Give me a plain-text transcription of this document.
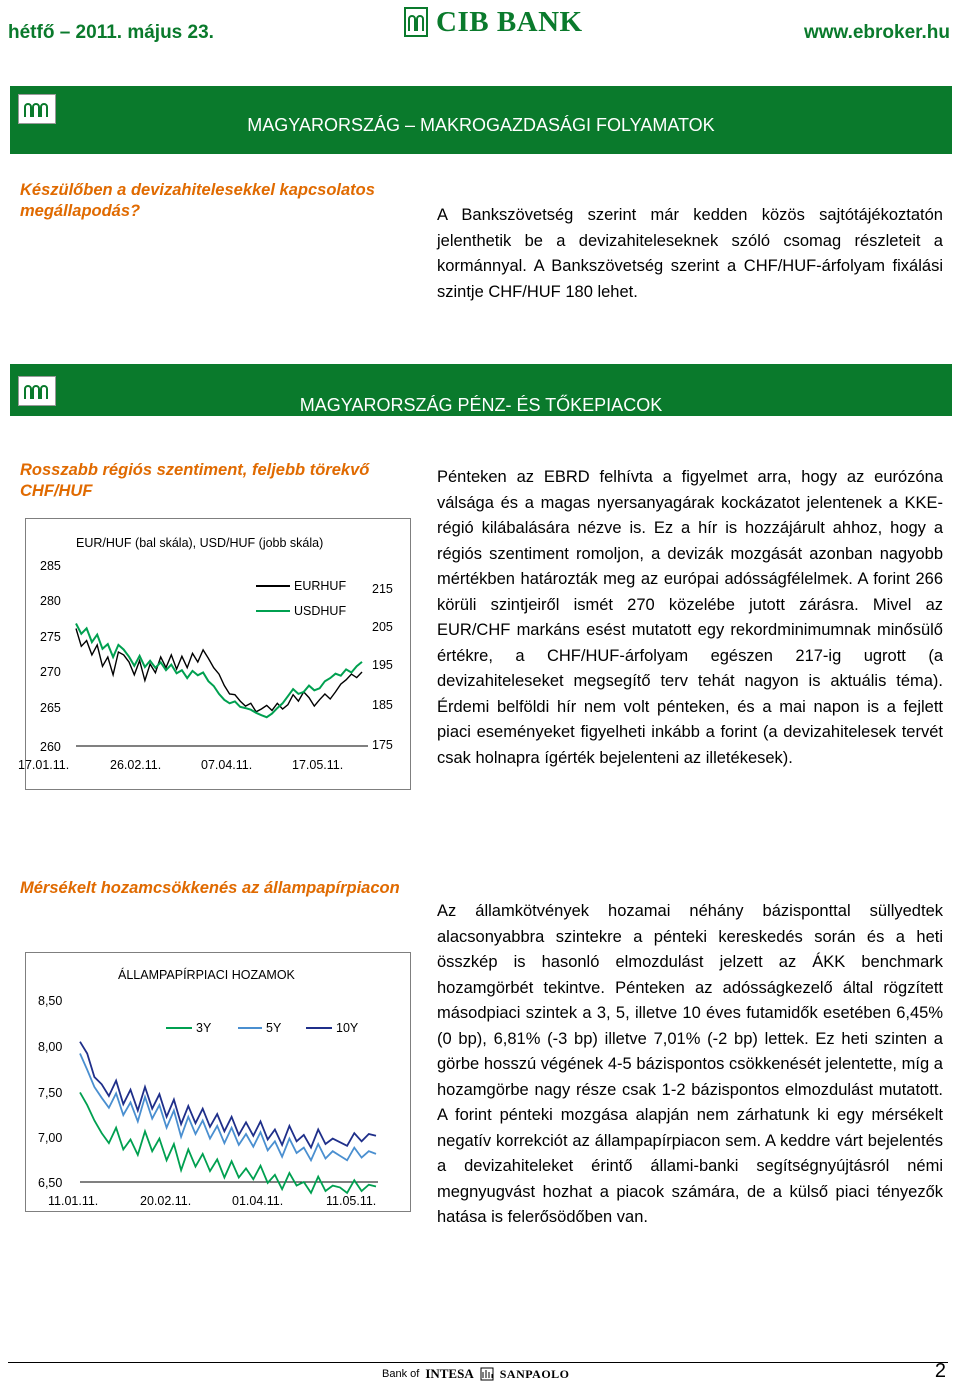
hétfő – 2011. május 23.	CIB BANK	www.ebroker.hu
MAGYARORSZÁG – MAKROGAZDASÁGI FOLYAMATOK
Készülőben a devizahitelesekkel kapcsolatos megállapodás?	A Bankszövetség szerint már kedden közös sajtótájékoztatón jelenthetik be a devizahiteleseknek szóló csomag részleteit a kormánnyal. A Bankszövetség szerint a CHF/HUF-árfolyam fixálási szintje CHF/HUF 180 lehet.
MAGYARORSZÁG PÉNZ- ÉS TŐKEPIACOK
Rosszabb régiós szentiment, feljebb törekvő CHF/HUF
Pénteken az EBRD felhívta a figyelmet arra, hogy az eurózóna válsága és a magas nyersanyagárak kockázatot jelentenek a KKE-régió kilábalására nézve is. Ez a hír is hozzájárult ahhoz, hogy a régiós szentiment romoljon, a devizák mozgását azonban nagyobb mértékben határozták meg az európai adósságfélelmek. A forint 266 körüli szintjeiről ismét 270 közelébe jutott zárásra. Mivel az EUR/CHF markáns esést mutatott egy rekordminimumnak minősülő értékre, a CHF/HUF-árfolyam egészen 217-ig ugrott (a devizahiteleseket megsegítő terv tehát nagyon is aktuális téma). Érdemi belföldi hír nem volt pénteken, és a mai napon is a fejlett piaci eseményeket figyelheti inkább a forint (a devizahitelesek tervét csak holnapra ígérték bejelenteni az illetékesek).
EUR/HUF (bal skála), USD/HUF (jobb skála)
285
280
275
270
265
260
215
205
195
185
175
17.01.11.	26.02.11.	07.04.11.	17.05.11.
EURHUF
USDHUF
Mérsékelt hozamcsökkenés az állampapírpiacon
Az államkötvények hozamai néhány bázisponttal süllyedtek alacsonyabbra szintekre a pénteki kereskedés során és a heti összkép is hasonló elmozdulást jelzett az ÁKK benchmark hozamgörbét tekintve. Pénteken az adósságkezelő által rögzített másodpiaci szintek a 3, 5, illetve 10 éves futamidők esetében 6,45% (0 bp), 6,81% (-3 bp) illetve 7,01% (-2 bp) lettek. Ez heti szinten a görbe hosszú végének 4-5 bázispontos csökkenését jelentette, míg a hozamgörbe nagy része csak 1-2 bázispontos elmozdulást mutatott. A forint pénteki mozgása alapján nem zárhatunk ki egy mérsékelt negatív korrekciót az állampapírpiacon sem. A keddre várt bejelentés a devizahiteleket érintő állami-banki segítségnyújtásról némi megnyugvást hozhat a piacok számára, de a külső piaci tényezők hatása is felerősödőben van.
ÁLLAMPAPÍRPIACI HOZAMOK
8,50
8,00
7,50
7,00
6,50
11.01.11.	20.02.11.	01.04.11.	11.05.11.
3Y	5Y	10Y
Bank of INTESA SANPAOLO	2
